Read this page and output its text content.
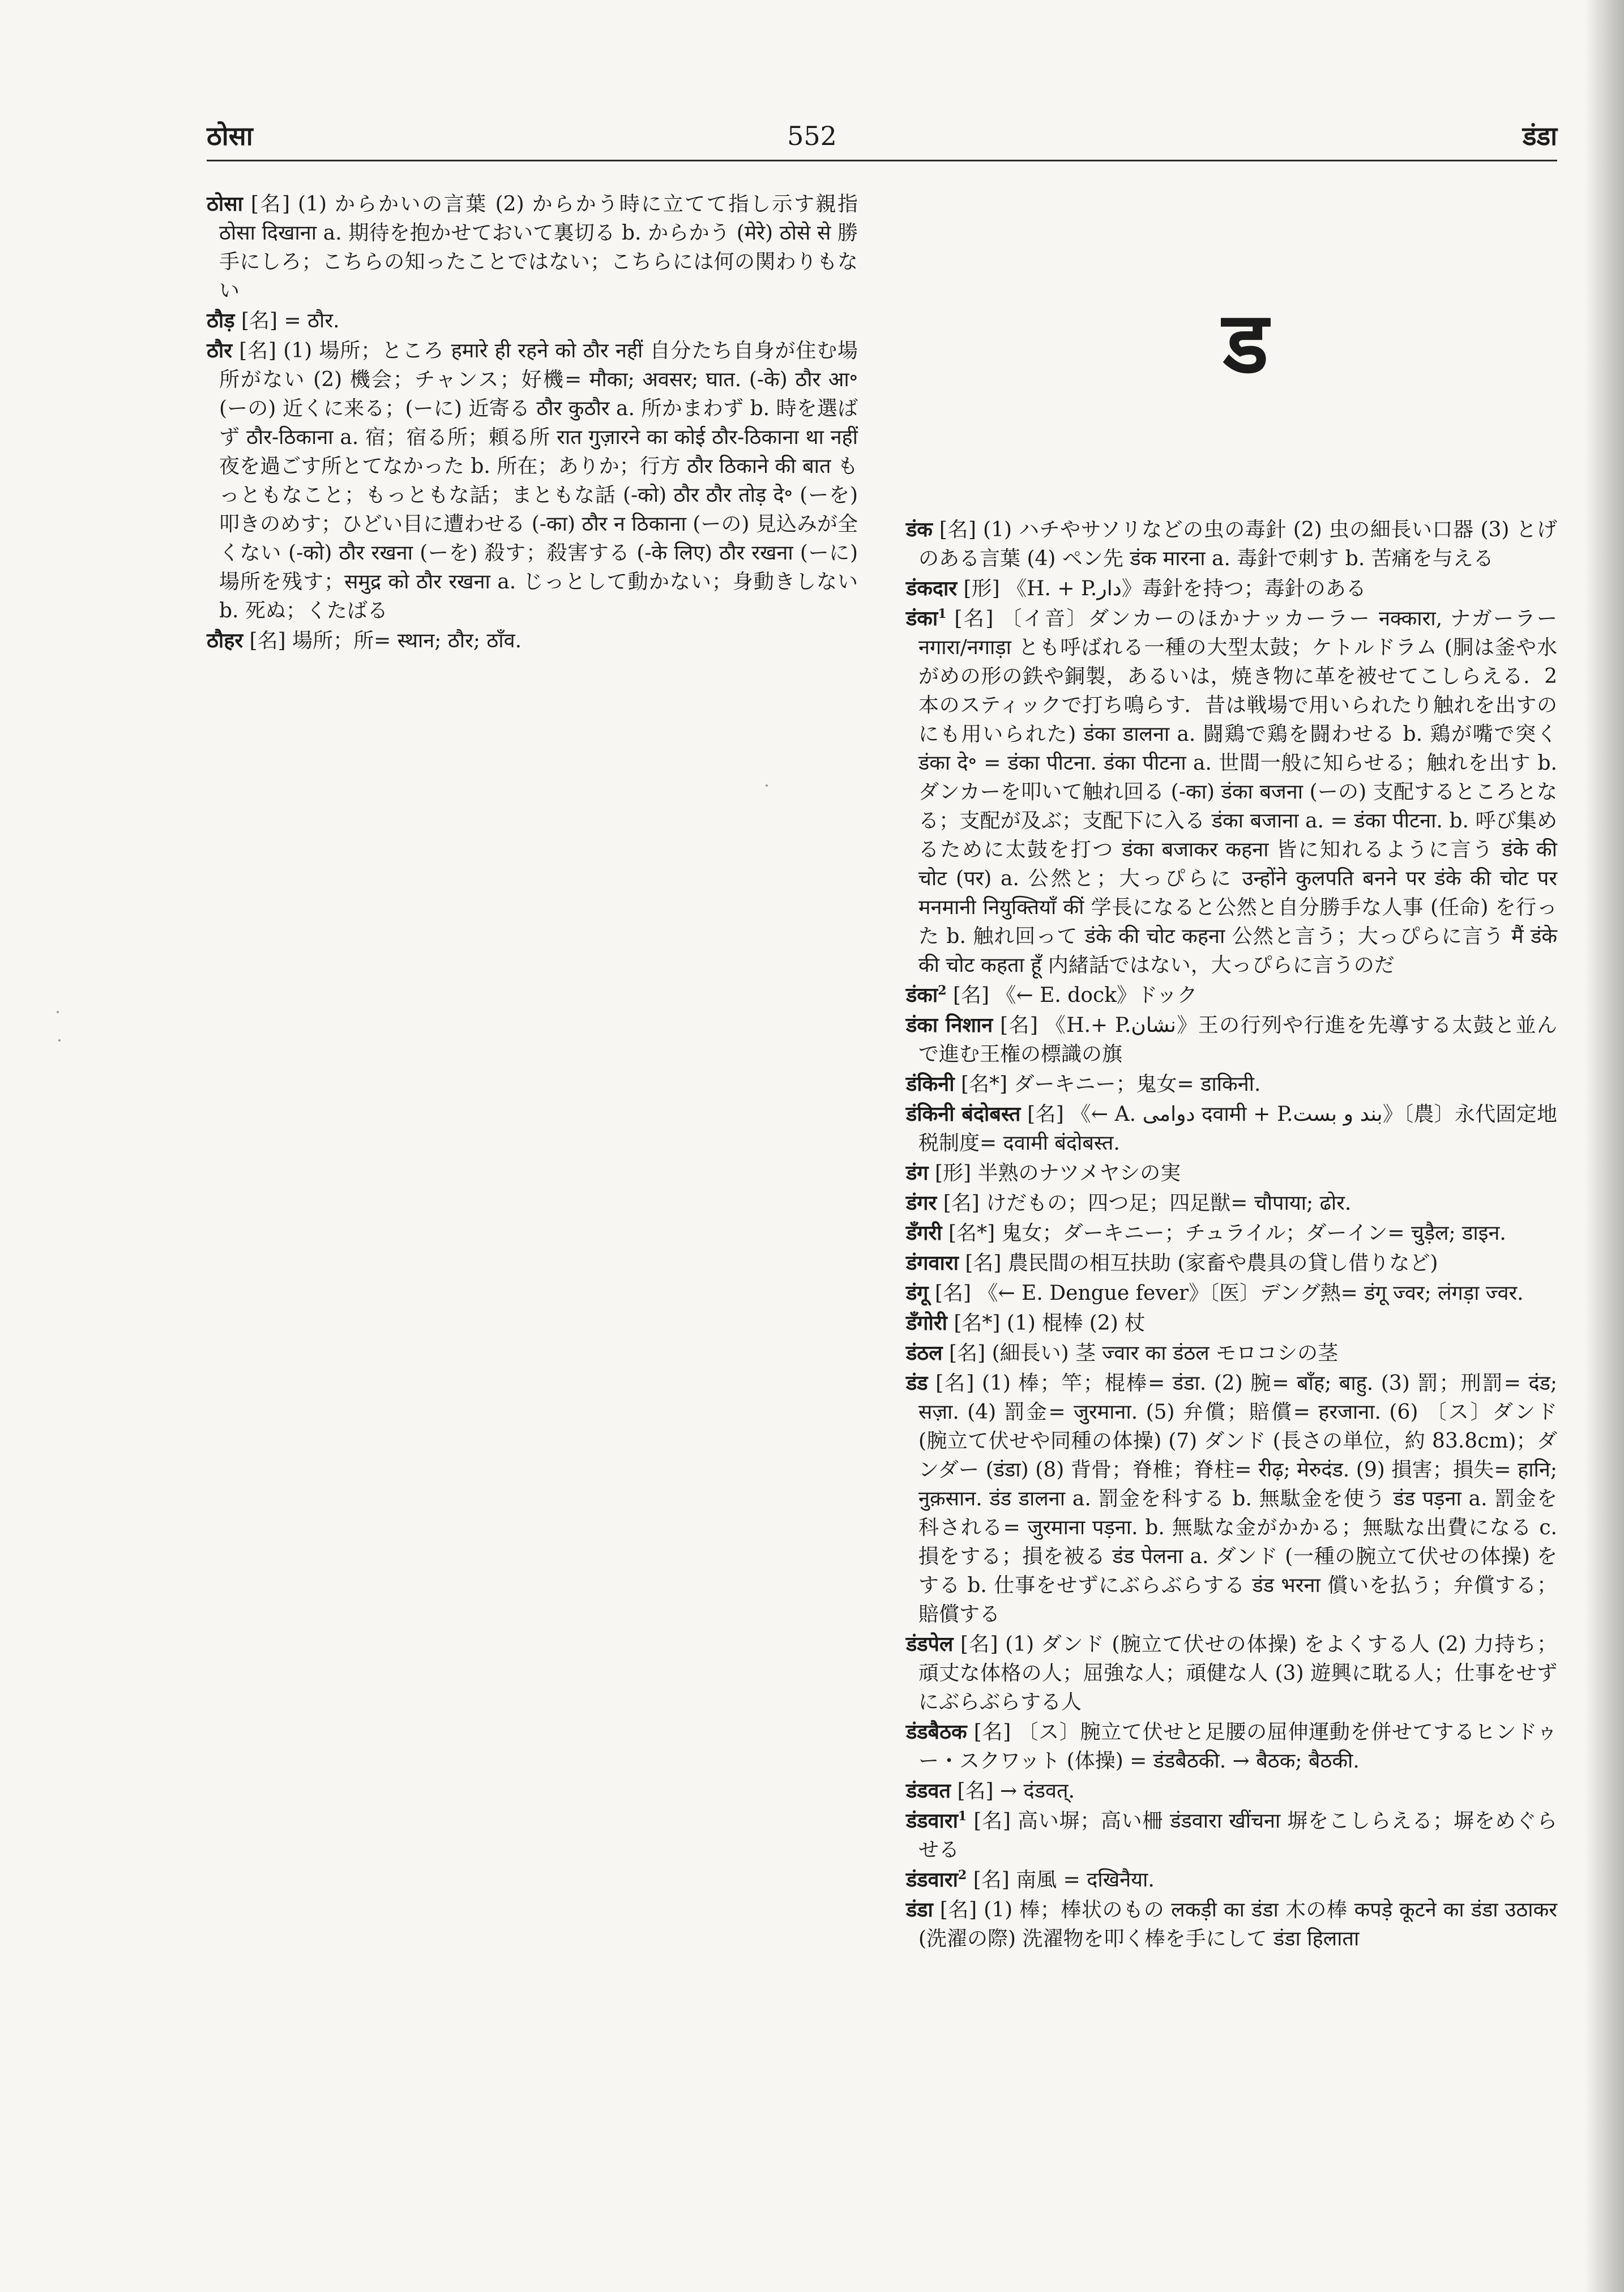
ठोसा	552	डंडा

ठोसा [名] (1) からかいの言葉 (2) からかう時に立てて指し示す親指 ठोसा दिखाना a. 期待を抱かせておいて裏切る b. からかう (मेरे) ठोसे से 勝手にしろ；こちらの知ったことではない；こちらには何の関わりもない

ठौड़ [名] = ठौर.

ठौर [名] (1) 場所；ところ हमारे ही रहने को ठौर नहीं 自分たち自身が住む場所がない (2) 機会；チャンス；好機= मौका; अवसर; घात. (-के) ठौर आ॰ (ーの) 近くに来る；(ーに) 近寄る ठौर कुठौर a. 所かまわず b. 時を選ばず ठौर-ठिकाना a. 宿；宿る所；頼る所 रात गुज़ारने का कोई ठौर-ठिकाना था नहीं 夜を過ごす所とてなかった b. 所在；ありか；行方 ठौर ठिकाने की बात もっともなこと；もっともな話；まともな話 (-को) ठौर ठौर तोड़ दे॰ (ーを) 叩きのめす；ひどい目に遭わせる (-का) ठौर न ठिकाना (ーの) 見込みが全くない (-को) ठौर रखना (ーを) 殺す；殺害する (-के लिए) ठौर रखना (ーに) 場所を残す；समुद्र को ठौर रखना a. じっとして動かない；身動きしない b. 死ぬ；くたばる

ठौहर [名] 場所；所= स्थान; ठौर; ठाँव.

ड

डंक [名] (1) ハチやサソリなどの虫の毒針 (2) 虫の細長い口器 (3) とげのある言葉 (4) ペン先 डंक मारना a. 毒針で刺す b. 苦痛を与える

डंकदार [形] 《H. + P.دار》毒針を持つ；毒針のある

डंका$^1$ [名] 〔イ音〕ダンカーのほかナッカーラー नक्कारा, ナガーラー नगारा/नगाड़ा とも呼ばれる一種の大型太鼓；ケトルドラム (胴は釜や水がめの形の鉄や銅製，あるいは，焼き物に革を被せてこしらえる．2本のスティックで打ち鳴らす．昔は戦場で用いられたり触れを出すのにも用いられた) डंका डालना a. 闘鶏で鶏を闘わせる b. 鶏が嘴で突く डंका दे॰ = डंका पीटना. डंका पीटना a. 世間一般に知らせる；触れを出す b. ダンカーを叩いて触れ回る (-का) डंका बजना (ーの) 支配するところとなる；支配が及ぶ；支配下に入る डंका बजाना a. = डंका पीटना. b. 呼び集めるために太鼓を打つ डंका बजाकर कहना 皆に知れるように言う डंके की चोट (पर) a. 公然と；大っぴらに उन्होंने कुलपति बनने पर डंके की चोट पर मनमानी नियुक्तियाँ कीं 学長になると公然と自分勝手な人事 (任命) を行った b. 触れ回って डंके की चोट कहना 公然と言う；大っぴらに言う मैं डंके की चोट कहता हूँ 内緒話ではない，大っぴらに言うのだ

डंका$^2$ [名] 《← E. dock》ドック

डंका निशान [名] 《H.+ P.نشان》王の行列や行進を先導する太鼓と並んで進む王権の標識の旗

डंकिनी [名*] ダーキニー；鬼女= डाकिनी.

डंकिनी बंदोबस्त [名] 《← A. دوامی दवामी + P.بند و بست》〔農〕永代固定地税制度= दवामी बंदोबस्त.

डंग [形] 半熟のナツメヤシの実

डंगर [名] けだもの；四つ足；四足獣= चौपाया; ढोर.

डँगरी [名*] 鬼女；ダーキニー；チュライル；ダーイン= चुड़ैल; डाइन.

डंगवारा [名] 農民間の相互扶助 (家畜や農具の貸し借りなど)

डंगू [名] 《← E. Dengue fever》〔医〕デング熱= डंगू ज्वर; लंगड़ा ज्वर.

डँगोरी [名*] (1) 棍棒 (2) 杖

डंठल [名] (細長い) 茎 ज्वार का डंठल モロコシの茎

डंड [名] (1) 棒；竿；棍棒= डंडा. (2) 腕= बाँह; बाहु. (3) 罰；刑罰= दंड; सज़ा. (4) 罰金= जुरमाना. (5) 弁償；賠償= हरजाना. (6) 〔ス〕ダンド (腕立て伏せや同種の体操) (7) ダンド (長さの単位，約 83.8cm)；ダンダー (डंडा) (8) 背骨；脊椎；脊柱= रीढ़; मेरुदंड. (9) 損害；損失= हानि; नुक़सान. डंड डालना a. 罰金を科する b. 無駄金を使う डंड पड़ना a. 罰金を科される= जुरमाना पड़ना. b. 無駄な金がかかる；無駄な出費になる c. 損をする；損を被る डंड पेलना a. ダンド (一種の腕立て伏せの体操) をする b. 仕事をせずにぶらぶらする डंड भरना 償いを払う；弁償する；賠償する

डंडपेल [名] (1) ダンド (腕立て伏せの体操) をよくする人 (2) 力持ち；頑丈な体格の人；屈強な人；頑健な人 (3) 遊興に耽る人；仕事をせずにぶらぶらする人

डंडबैठक [名] 〔ス〕腕立て伏せと足腰の屈伸運動を併せてするヒンドゥー・スクワット (体操) = डंडबैठकी. → बैठक; बैठकी.

डंडवत [名] → दंडवत्.

डंडवारा$^1$ [名] 高い塀；高い柵 डंडवारा खींचना 塀をこしらえる；塀をめぐらせる

डंडवारा$^2$ [名] 南風 = दखिनैया.

डंडा [名] (1) 棒；棒状のもの लकड़ी का डंडा 木の棒 कपड़े कूटने का डंडा उठाकर (洗濯の際) 洗濯物を叩く棒を手にして डंडा हिलाता
